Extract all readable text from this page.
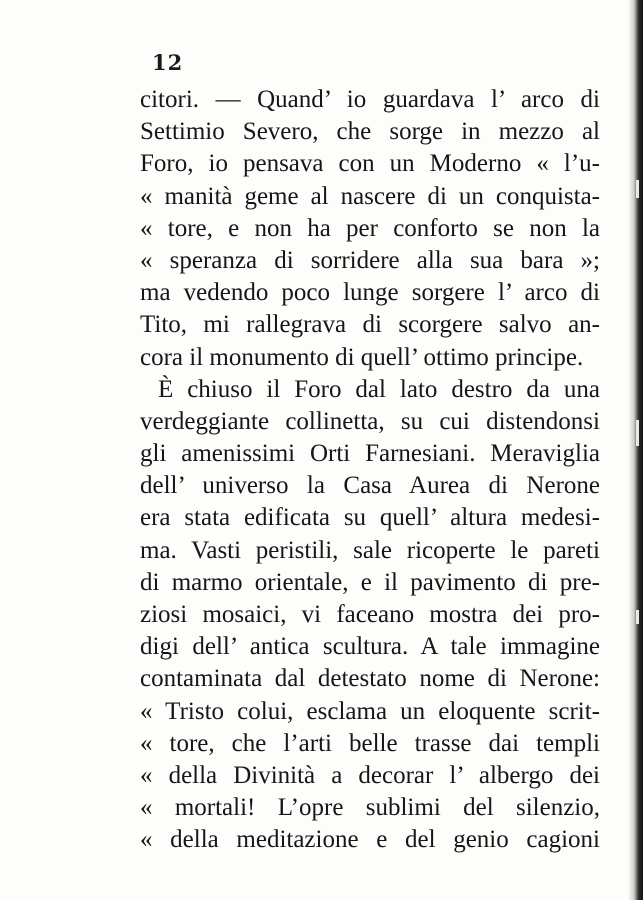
12
citori. — Quand’ io guardava l’ arco di
Settimio Severo, che sorge in mezzo al
Foro, io pensava con un Moderno « l’u-
« manità geme al nascere di un conquista-
« tore, e non ha per conforto se non la
« speranza di sorridere alla sua bara »;
ma vedendo poco lunge sorgere l’ arco di
Tito, mi rallegrava di scorgere salvo an-
cora il monumento di quell’ ottimo principe.
È chiuso il Foro dal lato destro da una
verdeggiante collinetta, su cui distendonsi
gli amenissimi Orti Farnesiani. Meraviglia
dell’ universo la Casa Aurea di Nerone
era stata edificata su quell’ altura medesi-
ma. Vasti peristili, sale ricoperte le pareti
di marmo orientale, e il pavimento di pre-
ziosi mosaici, vi faceano mostra dei pro-
digi dell’ antica scultura. A tale immagine
contaminata dal detestato nome di Nerone:
« Tristo colui, esclama un eloquente scrit-
« tore, che l’arti belle trasse dai templi
« della Divinità a decorar l’ albergo dei
« mortali! L’opre sublimi del silenzio,
« della meditazione e del genio cagioni
